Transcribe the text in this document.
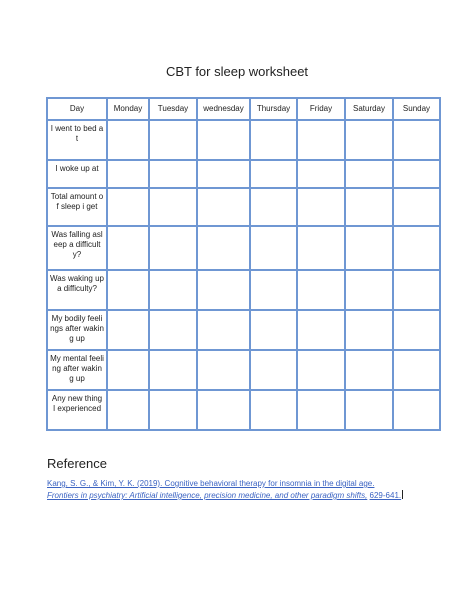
CBT for sleep worksheet
Day	Monday	Tuesday	wednesday	Thursday	Friday	Saturday	Sunday
I went to bed at							
I woke up at							
Total amount of sleep i get							
Was falling asleep a difficulty?							
Was waking up a difficulty?							
My bodily feelings after waking up							
My mental feeling after waking up							
Any new thing I experienced							
Reference
Kang, S. G., & Kim, Y. K. (2019). Cognitive behavioral therapy for insomnia in the digital age. Frontiers in psychiatry: Artificial intelligence, precision medicine, and other paradigm shifts, 629-641.
